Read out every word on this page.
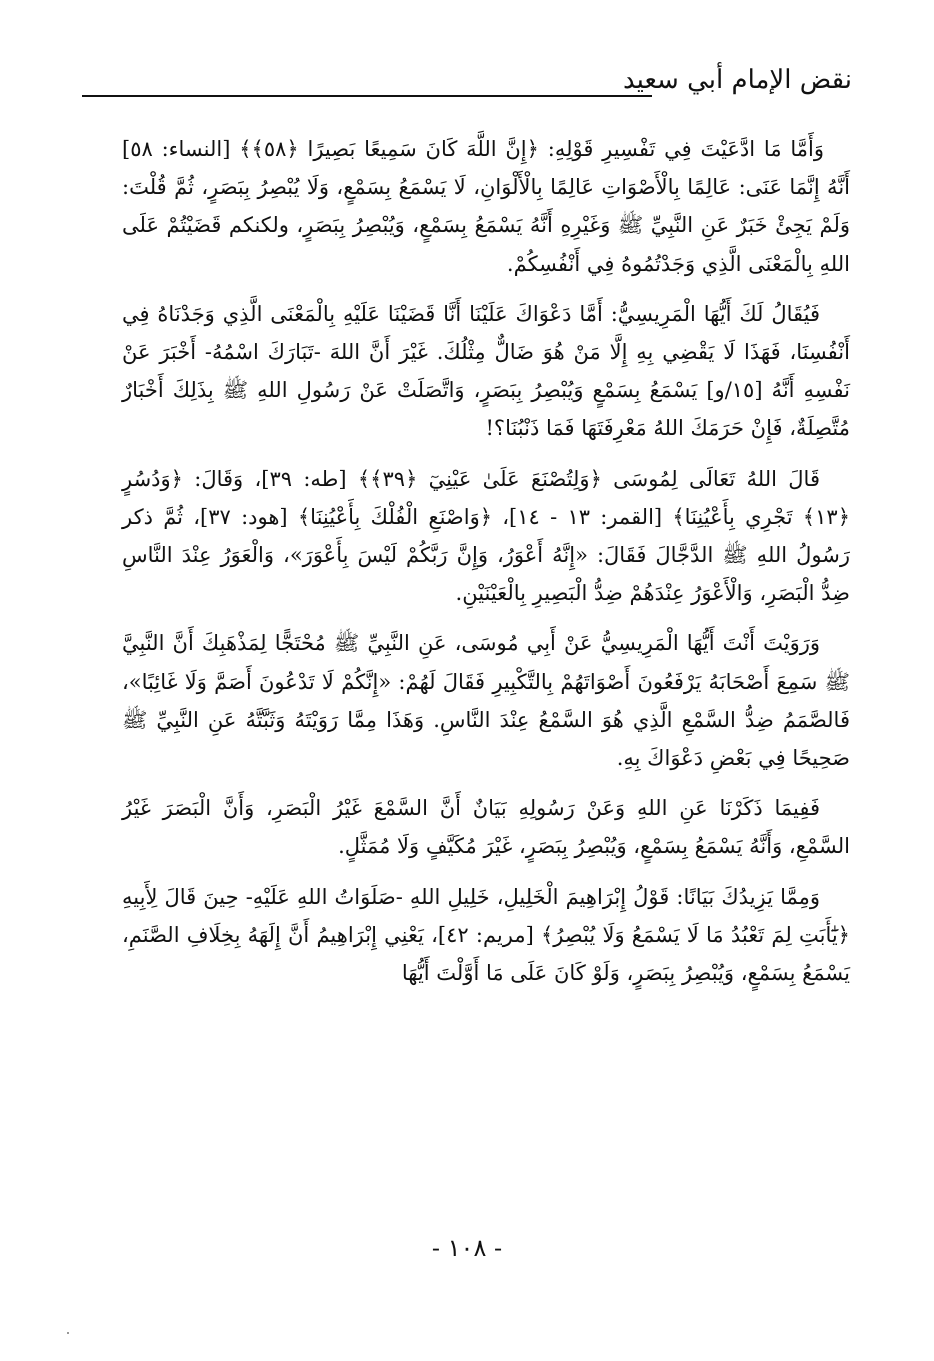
نقض الإمام أبي سعيد

وَأَمَّا مَا ادَّعَيْتَ فِي تَفْسِيرِ قَوْلِهِ: ﴿إِنَّ اللَّهَ كَانَ سَمِيعًا بَصِيرًا ﴿٥٨﴾﴾ [النساء: ٥٨] أَنَّهُ إِنَّمَا عَنَى: عَالِمًا بِالْأَصْوَاتِ عَالِمًا بِالْأَلْوَانِ، لَا يَسْمَعُ بِسَمْعٍ، وَلَا يُبْصِرُ بِبَصَرٍ، ثُمَّ قُلْتَ: وَلَمْ يَجِئْ خَبَرٌ عَنِ النَّبِيِّ ﷺ وَغَيْرِهِ أَنَّهُ يَسْمَعُ بِسَمْعٍ، وَيُبْصِرُ بِبَصَرٍ، ولكنكم قَضَيْتُمْ عَلَى اللهِ بِالْمَعْنَى الَّذِي وَجَدْتُمُوهُ فِي أَنْفُسِكُمْ.

فَيُقَالُ لَكَ أَيُّهَا الْمَرِيسِيُّ: أَمَّا دَعْوَاكَ عَلَيْنَا أَنَّا قَضَيْنَا عَلَيْهِ بِالْمَعْنَى الَّذِي وَجَدْنَاهُ فِي أَنْفُسِنَا، فَهَذَا لَا يَقْضِي بِهِ إِلَّا مَنْ هُوَ ضَالٌّ مِثْلُكَ. غَيْرَ أَنَّ اللهَ -تَبَارَكَ اسْمُهُ- أَخْبَرَ عَنْ نَفْسِهِ أَنَّهُ [١٥/و] يَسْمَعُ بِسَمْعٍ وَيُبْصِرُ بِبَصَرٍ، وَاتَّصَلَتْ عَنْ رَسُولِ اللهِ ﷺ بِذَلِكَ أَخْبَارٌ مُتَّصِلَةٌ، فَإِنْ حَرَمَكَ اللهُ مَعْرِفَتَهَا فَمَا ذَنْبُنَا؟!

قَالَ اللهُ تَعَالَى لِمُوسَى ﴿وَلِتُصْنَعَ عَلَىٰ عَيْنِيٓ ﴿٣٩﴾﴾ [طه: ٣٩]، وَقَالَ: ﴿وَدُسُرٍ ﴿١٣﴾ تَجْرِي بِأَعْيُنِنَا﴾ [القمر: ١٣ - ١٤]، ﴿وَاصْنَعِ الْفُلْكَ بِأَعْيُنِنَا﴾ [هود: ٣٧]، ثُمَّ ذكر رَسُولُ اللهِ ﷺ الدَّجَّالَ فَقَالَ: «إِنَّهُ أَعْوَرُ، وَإِنَّ رَبَّكُمْ لَيْسَ بِأَعْوَرَ»، وَالْعَوَرُ عِنْدَ النَّاسِ ضِدُّ الْبَصَرِ، وَالْأَعْوَرُ عِنْدَهُمْ ضِدُّ الْبَصِيرِ بِالْعَيْنَيْنِ.

وَرَوَيْتَ أَنْتَ أَيُّهَا الْمَرِيسِيُّ عَنْ أَبِي مُوسَى، عَنِ النَّبِيِّ ﷺ مُحْتَجًّا لِمَذْهَبِكَ أَنَّ النَّبِيَّ ﷺ سَمِعَ أَصْحَابَهُ يَرْفَعُونَ أَصْوَاتَهُمْ بِالتَّكْبِيرِ فَقَالَ لَهُمْ: «إِنَّكُمْ لَا تَدْعُونَ أَصَمَّ وَلَا غَائِبًا»، فَالصَّمَمُ ضِدُّ السَّمْعِ الَّذِي هُوَ السَّمْعُ عِنْدَ النَّاسِ. وَهَذَا مِمَّا رَوَيْتَهُ وَثَبَّتَّهُ عَنِ النَّبِيِّ ﷺ صَحِيحًا فِي بَعْضِ دَعْوَاكَ بِهِ.

فَفِيمَا ذَكَرْنَا عَنِ اللهِ وَعَنْ رَسُولِهِ بَيَانٌ أَنَّ السَّمْعَ غَيْرُ الْبَصَرِ، وَأَنَّ الْبَصَرَ غَيْرُ السَّمْعِ، وَأَنَّهُ يَسْمَعُ بِسَمْعٍ، وَيُبْصِرُ بِبَصَرٍ، غَيْرَ مُكَيَّفٍ وَلَا مُمَثَّلٍ.

وَمِمَّا يَزِيدُكَ بَيَانًا: قَوْلُ إِبْرَاهِيمَ الْخَلِيلِ، خَلِيلِ اللهِ -صَلَوَاتُ اللهِ عَلَيْهِ- حِينَ قَالَ لِأَبِيهِ ﴿يَٰٓأَبَتِ لِمَ تَعْبُدُ مَا لَا يَسْمَعُ وَلَا يُبْصِرُ﴾ [مريم: ٤٢]، يَعْنِي إِبْرَاهِيمُ أَنَّ إِلَهَهُ بِخِلَافِ الصَّنَمِ، يَسْمَعُ بِسَمْعٍ، وَيُبْصِرُ بِبَصَرٍ، وَلَوْ كَانَ عَلَى مَا أَوَّلْتَ أَيُّهَا

- ١٠٨ -
